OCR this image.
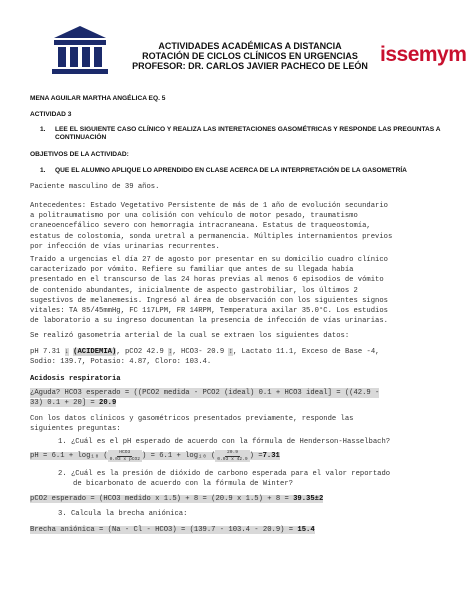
issemym
ACTIVIDADES ACADÉMICAS A DISTANCIA
ROTACIÓN DE CICLOS CLÍNICOS EN URGENCIAS
PROFESOR: DR. CARLOS JAVIER PACHECO DE LEÓN
MENA AGUILAR MARTHA ANGÉLICA EQ. 5
ACTIVIDAD 3
1. LEE EL SIGUIENTE CASO CLÍNICO Y REALIZA LAS INTERETACIONES GASOMÉTRICAS Y RESPONDE LAS PREGUNTAS A CONTINUACIÓN
OBJETIVOS DE LA ACTIVIDAD:
1. QUE EL ALUMNO APLIQUE LO APRENDIDO EN CLASE ACERCA DE LA INTERPRETACIÓN DE LA GASOMETRÍA
Paciente masculino de 39 años.
Antecedentes: Estado Vegetativo Persistente de más de 1 año de evolución secundario
a politraumatismo por una colisión con vehículo de motor pesado, traumatismo
craneoencefálico severo con hemorragia intracraneana. Estatus de traqueostomía,
estatus de colostomía, sonda uretral a permanencia. Múltiples internamientos previos
por infección de vías urinarias recurrentes.
Traído a urgencias el día 27 de agosto por presentar en su domicilio cuadro clínico
caracterizado por vómito. Refiere su familiar que antes de su llegada había
presentado en el transcurso de las 24 horas previas al menos 6 episodios de vómito
de contenido abundantes, inicialmente de aspecto gastrobiliar, los últimos 2
sugestivos de melanemesis. Ingresó al área de observación con los siguientes signos
vitales: TA 85/45mmHg, FC 117LPM, FR 14RPM, Temperatura axilar 35.0°C. Los estudios
de laboratorio a su ingreso documentan la presencia de infección de vías urinarias.
Se realizó gasometría arterial de la cual se extraen los siguientes datos:
pH 7.31 ↓ (ACIDEMIA), pCO2 42.9 ↕, HCO3- 20.9 ↕, Lactato 11.1, Exceso de Base -4,
Sodio: 139.7, Potasio: 4.87, Cloro: 103.4.
Acidosis respiratoria
¿Aguda? HCO3 esperado = ((PCO2 medida - PCO2 (ideal) 0.1 + HCO3 ideal] = ((42.9 -
33) 0.1 + 20] = 20.9
Con los datos clínicos y gasométricos presentados previamente, responde las
siguientes preguntas:
1. ¿Cuál es el pH esperado de acuerdo con la fórmula de Henderson-Hasselbach?
pH = 6.1 + log₁₀ (	HCO3
0.03 x pCO2 ) = 6.1 + log₁₀ (	20.9
0.03 x 42.9 ) = 7.31
2. ¿Cuál es la presión de dióxido de carbono esperada para el valor reportado
de bicarbonato de acuerdo con la fórmula de Winter?
pCO2 esperado = (HCO3 medido x 1.5) + 8 = (20.9 x 1.5) + 8 = 39.35±2
3. Calcula la brecha aniónica:
Brecha aniónica = (Na - Cl - HCO3) = (139.7 - 103.4 - 20.9) = 15.4
